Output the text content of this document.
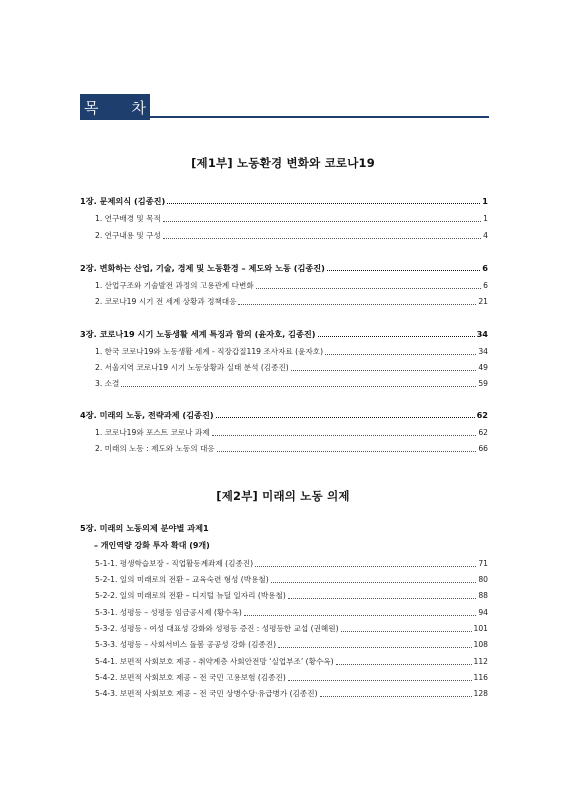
목 차
[제1부] 노동환경 변화와 코로나19
1장. 문제의식 (김종진)	1
1. 연구배경 및 목적	1
2. 연구내용 및 구성	4
2장. 변화하는 산업, 기술, 경제 및 노동환경 – 제도와 노동 (김종진)	6
1. 산업구조와 기술발전 과정의 고용관계 다변화	6
2. 코로나19 시기 전 세계 상황과 정책대응	21
3장. 코로나19 시기 노동생활 세계 특징과 함의 (윤자호, 김종진)	34
1. 한국 코로나19와 노동생활 세계 - 직장갑질119 조사자료 (윤자호)	34
2. 서울지역 코로나19 시기 노동상황과 실태 분석 (김종진)	49
3. 소결	59
4장. 미래의 노동, 전략과제 (김종진)	62
1. 코로나19와 포스트 코로나 과제	62
2. 미래의 노동 : 제도와 노동의 대응	66
[제2부] 미래의 노동 의제
5장. 미래의 노동의제 분야별 과제1
– 개인역량 강화 투자 확대 (9개)
5-1-1. 평생학습보장 - 직업활동계좌제 (김종진)	71
5-2-1. 일의 미래로의 전환 – 교육숙련 형성 (박용철)	80
5-2-2. 일의 미래로의 전환 – 디지털 뉴딜 일자리 (박용철)	88
5-3-1. 성평등 – 성평등 임금공시제 (황수옥)	94
5-3-2. 성평등 - 여성 대표성 강화와 성평등 증진 : 성평등한 교섭 (권혜원)	101
5-3-3. 성평등 – 사회서비스 돌봄 공공성 강화 (김종진)	108
5-4-1. 보편적 사회보호 제공 - 취약계층 사회안전망 ‘실업부조’ (황수옥)	112
5-4-2. 보편적 사회보호 제공 – 전 국민 고용보험 (김종진)	116
5-4-3. 보편적 사회보호 제공 – 전 국민 상병수당·유급병가 (김종진)	128
